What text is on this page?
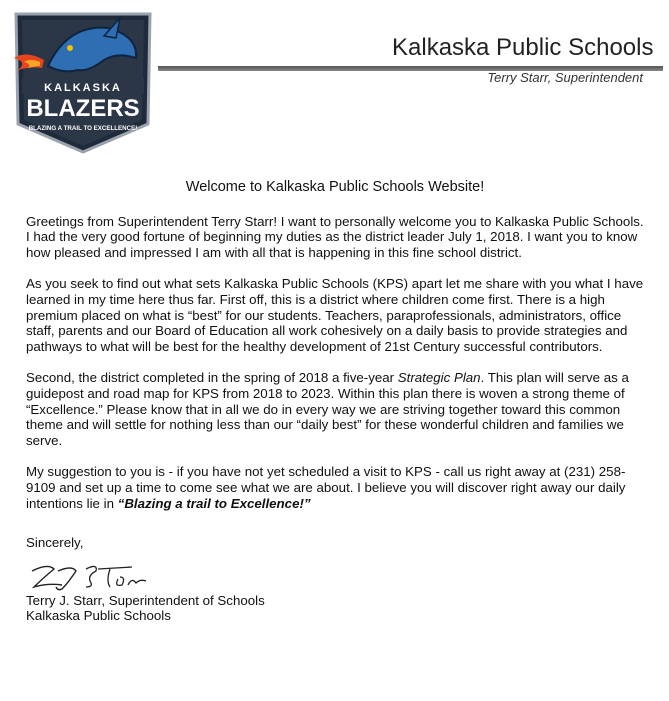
KALKASKA
BLAZERS
BLAZING A TRAIL TO EXCELLENCE!
Kalkaska Public Schools
Terry Starr, Superintendent
Welcome to Kalkaska Public Schools Website!

Greetings from Superintendent Terry Starr! I want to personally welcome you to Kalkaska Public Schools. I had the very good fortune of beginning my duties as the district leader July 1, 2018. I want you to know how pleased and impressed I am with all that is happening in this fine school district.

As you seek to find out what sets Kalkaska Public Schools (KPS) apart let me share with you what I have learned in my time here thus far. First off, this is a district where children come first. There is a high premium placed on what is “best” for our students. Teachers, paraprofessionals, administrators, office staff, parents and our Board of Education all work cohesively on a daily basis to provide strategies and pathways to what will be best for the healthy development of 21st Century successful contributors.

Second, the district completed in the spring of 2018 a five-year Strategic Plan. This plan will serve as a guidepost and road map for KPS from 2018 to 2023. Within this plan there is woven a strong theme of “Excellence.” Please know that in all we do in every way we are striving together toward this common theme and will settle for nothing less than our “daily best” for these wonderful children and families we serve.

My suggestion to you is - if you have not yet scheduled a visit to KPS - call us right away at (231) 258-9109 and set up a time to come see what we are about. I believe you will discover right away our daily intentions lie in “Blazing a trail to Excellence!”

Sincerely,
Terry J. Starr, Superintendent of Schools
Kalkaska Public Schools
